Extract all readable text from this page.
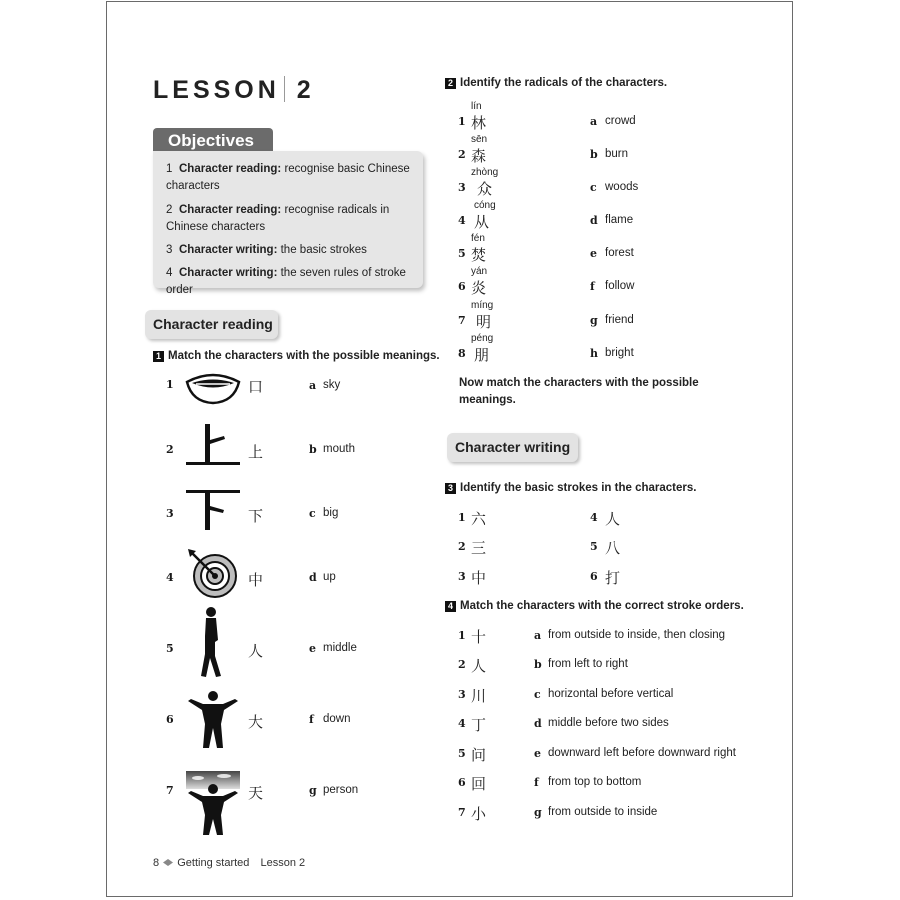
LESSON 2
Objectives
1 Character reading: recognise basic Chinese characters
2 Character reading: recognise radicals in Chinese characters
3 Character writing: the basic strokes
4 Character writing: the seven rules of stroke order
Character reading
1 Match the characters with the possible meanings.
1	口	a sky
2	上	b mouth
3	下	c big
4	中	d up
5	人	e middle
6	大	f down
7	天	g person
2 Identify the radicals of the characters.
lín
1 林	a crowd
sēn
2 森	b burn
zhòng
3 众	c woods
cóng
4 从	d flame
fén
5 焚	e forest
yán
6 炎	f follow
míng
7 明	g friend
péng
8 朋	h bright
Now match the characters with the possible meanings.
Character writing
3 Identify the basic strokes in the characters.
1 六	4 人
2 三	5 八
3 中	6 打
4 Match the characters with the correct stroke orders.
1 十	a from outside to inside, then closing
2 人	b from left to right
3 川	c horizontal before vertical
4 丁	d middle before two sides
5 问	e downward left before downward right
6 回	f from top to bottom
7 小	g from outside to inside
8 Getting started Lesson 2
